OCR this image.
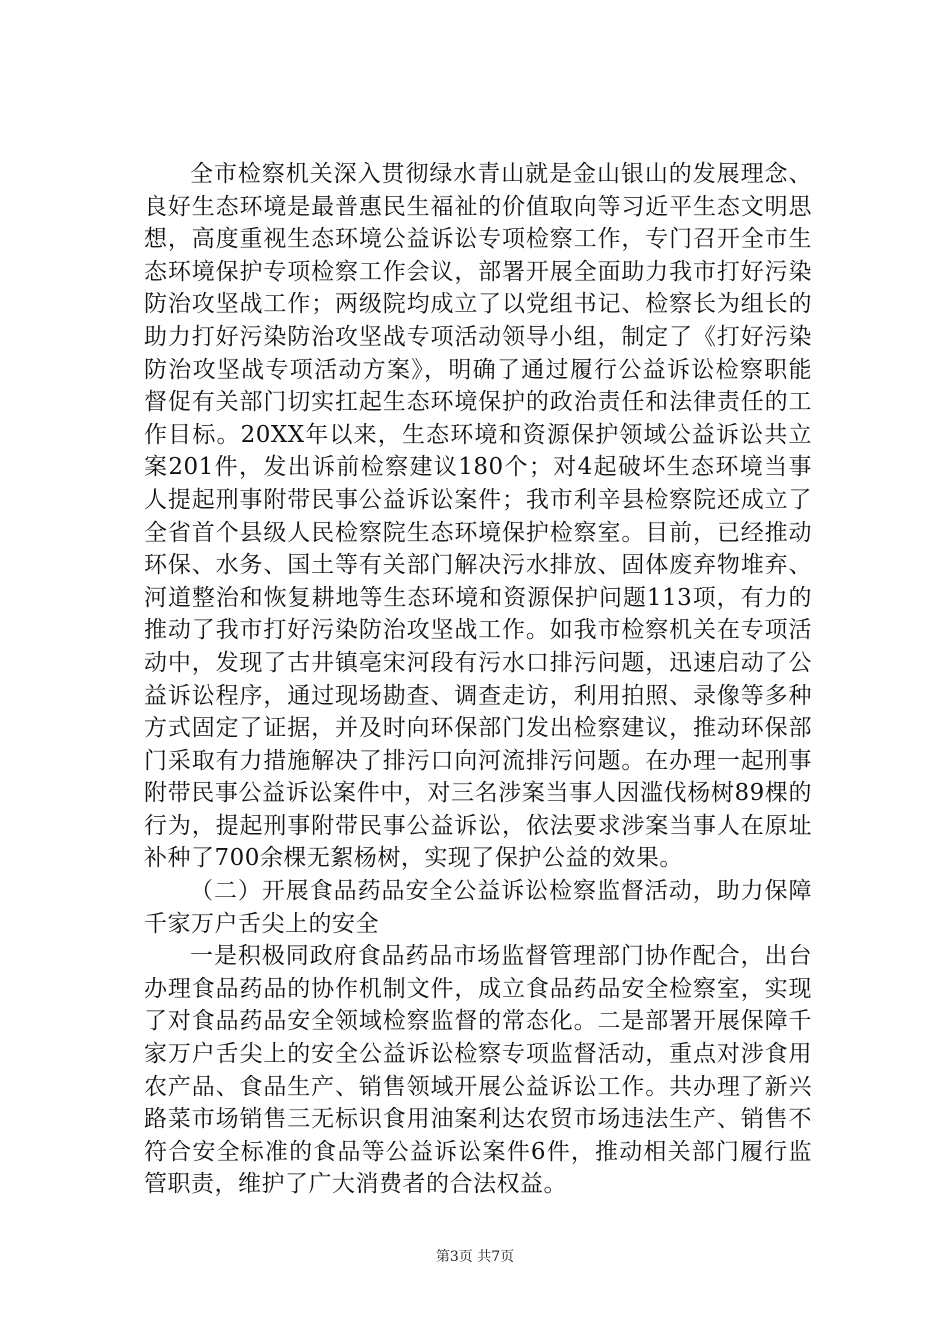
全市检察机关深入贯彻绿水青山就是金山银山的发展理念、良好生态环境是最普惠民生福祉的价值取向等习近平生态文明思想，高度重视生态环境公益诉讼专项检察工作，专门召开全市生态环境保护专项检察工作会议，部署开展全面助力我市打好污染防治攻坚战工作；两级院均成立了以党组书记、检察长为组长的助力打好污染防治攻坚战专项活动领导小组，制定了《打好污染防治攻坚战专项活动方案》，明确了通过履行公益诉讼检察职能督促有关部门切实扛起生态环境保护的政治责任和法律责任的工作目标。20XX年以来，生态环境和资源保护领域公益诉讼共立案201件，发出诉前检察建议180个；对4起破坏生态环境当事人提起刑事附带民事公益诉讼案件；我市利辛县检察院还成立了全省首个县级人民检察院生态环境保护检察室。目前，已经推动环保、水务、国土等有关部门解决污水排放、固体废弃物堆弃、河道整治和恢复耕地等生态环境和资源保护问题113项，有力的推动了我市打好污染防治攻坚战工作。如我市检察机关在专项活动中，发现了古井镇亳宋河段有污水口排污问题，迅速启动了公益诉讼程序，通过现场勘查、调查走访，利用拍照、录像等多种方式固定了证据，并及时向环保部门发出检察建议，推动环保部门采取有力措施解决了排污口向河流排污问题。在办理一起刑事附带民事公益诉讼案件中，对三名涉案当事人因滥伐杨树89棵的行为，提起刑事附带民事公益诉讼，依法要求涉案当事人在原址补种了700余棵无絮杨树，实现了保护公益的效果。

（二）开展食品药品安全公益诉讼检察监督活动，助力保障千家万户舌尖上的安全

一是积极同政府食品药品市场监督管理部门协作配合，出台办理食品药品的协作机制文件，成立食品药品安全检察室，实现了对食品药品安全领域检察监督的常态化。二是部署开展保障千家万户舌尖上的安全公益诉讼检察专项监督活动，重点对涉食用农产品、食品生产、销售领域开展公益诉讼工作。共办理了新兴路菜市场销售三无标识食用油案利达农贸市场违法生产、销售不符合安全标准的食品等公益诉讼案件6件，推动相关部门履行监管职责，维护了广大消费者的合法权益。

第3页 共7页
